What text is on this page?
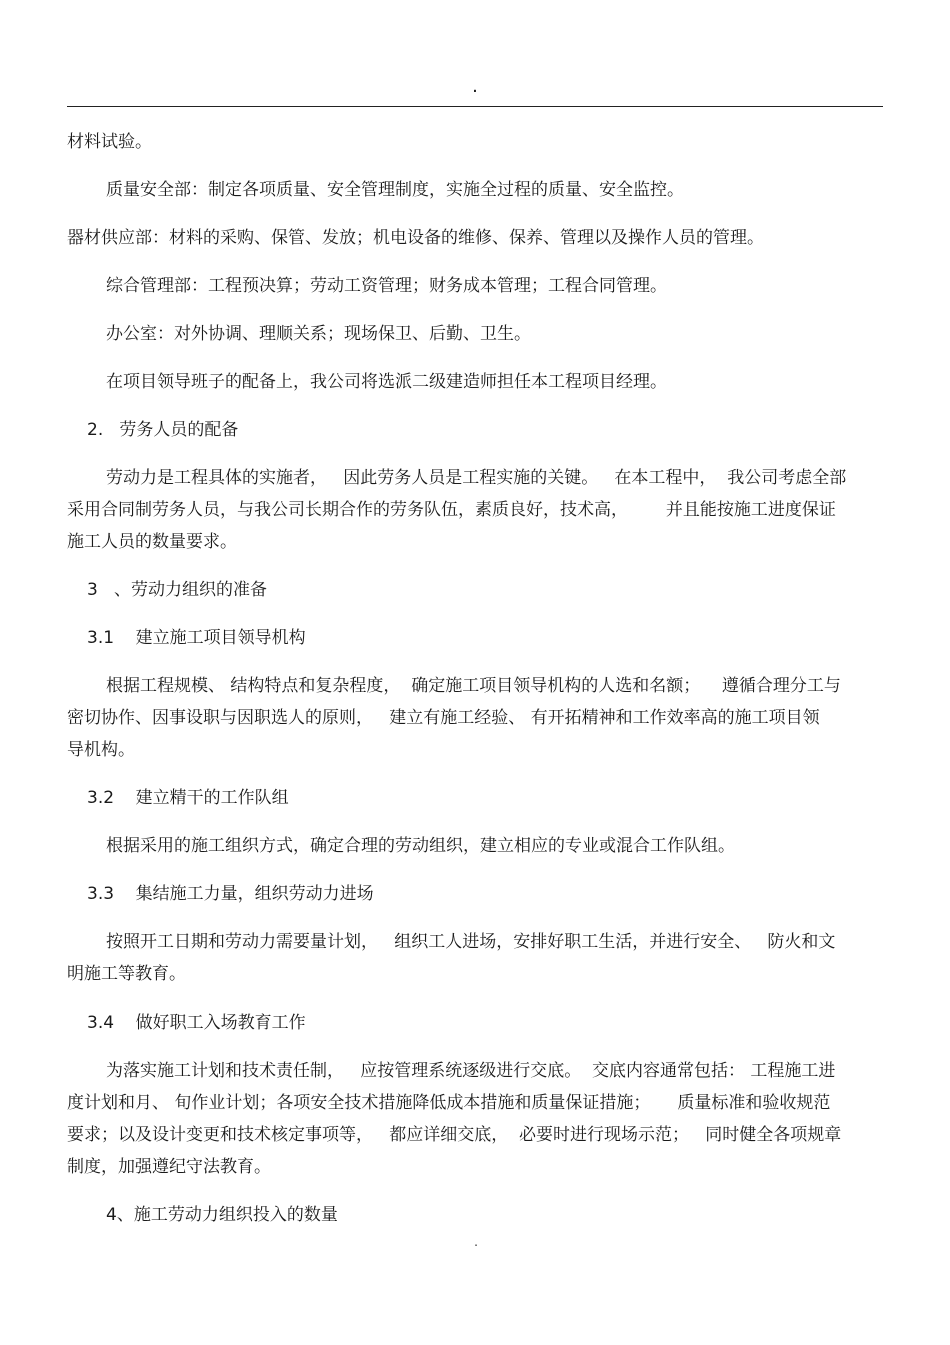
.
材料试验。
质量安全部：制定各项质量、安全管理制度，实施全过程的质量、安全监控。
器材供应部：材料的采购、保管、发放；机电设备的维修、保养、管理以及操作人员的管理。
综合管理部：工程预决算；劳动工资管理；财务成本管理；工程合同管理。
办公室：对外协调、理顺关系；现场保卫、后勤、卫生。
在项目领导班子的配备上，我公司将选派二级建造师担任本工程项目经理。
2.   劳务人员的配备
劳动力是工程具体的实施者，   因此劳务人员是工程实施的关键。   在本工程中，  我公司考虑全部
采用合同制劳务人员，与我公司长期合作的劳务队伍，素质良好，技术高，       并且能按施工进度保证
施工人员的数量要求。
3   、劳动力组织的准备
3.1    建立施工项目领导机构
根据工程规模、 结构特点和复杂程度，  确定施工项目领导机构的人选和名额；    遵循合理分工与
密切协作、因事设职与因职选人的原则，   建立有施工经验、 有开拓精神和工作效率高的施工项目领
导机构。
3.2    建立精干的工作队组
根据采用的施工组织方式，确定合理的劳动组织，建立相应的专业或混合工作队组。
3.3    集结施工力量，组织劳动力进场
按照开工日期和劳动力需要量计划，   组织工人进场，安排好职工生活，并进行安全、   防火和文
明施工等教育。
3.4    做好职工入场教育工作
为落实施工计划和技术责任制，   应按管理系统逐级进行交底。  交底内容通常包括： 工程施工进
度计划和月、 旬作业计划；各项安全技术措施降低成本措施和质量保证措施；     质量标准和验收规范
要求；以及设计变更和技术核定事项等，   都应详细交底，  必要时进行现场示范；   同时健全各项规章
制度，加强遵纪守法教育。
4、施工劳动力组织投入的数量
.
